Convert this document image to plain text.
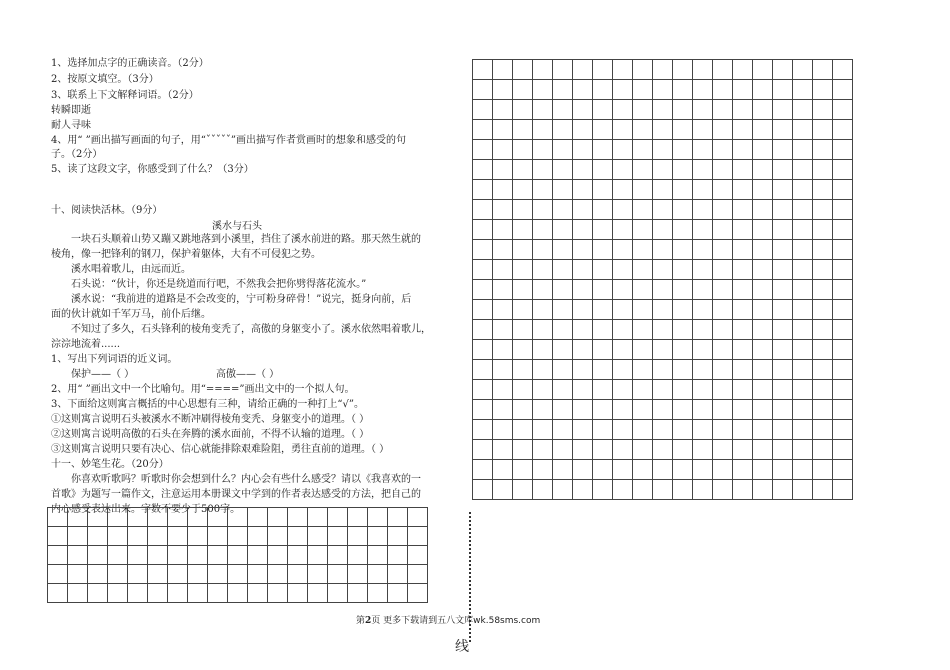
1、选择加点字的正确读音。（2分）
2、按原文填空。（3分）
3、联系上下文解释词语。（2分）
转瞬即逝
耐人寻味
4、用“ ”画出描写画面的句子，用“ˇˇˇˇˇ”画出描写作者赏画时的想象和感受的句
子。（2分）
5、读了这段文字，你感受到了什么？（3分）
十、阅读快活林。（9分）
溪水与石头
一块石头顺着山势又蹦又跳地落到小溪里，挡住了溪水前进的路。那天然生就的
棱角，像一把锋利的钢刀，保护着躯体，大有不可侵犯之势。
溪水唱着歌儿，由远而近。
石头说：“伙计，你还是绕道而行吧，不然我会把你劈得落花流水。”
溪水说：“我前进的道路是不会改变的，宁可粉身碎骨！”说完，挺身向前，后
面的伙计就如千军万马，前仆后继。
不知过了多久，石头锋利的棱角变秃了，高傲的身躯变小了。溪水依然唱着歌儿，
淙淙地流着......
1、写出下列词语的近义词。
保护——（ ）	高傲——（ ）
2、用“ ”画出文中一个比喻句。用“====”画出文中的一个拟人句。
3、下面给这则寓言概括的中心思想有三种，请给正确的一种打上“√”。
①这则寓言说明石头被溪水不断冲刷得棱角变秃、身躯变小的道理。（ ）
②这则寓言说明高傲的石头在奔腾的溪水面前，不得不认输的道理。（ ）
③这则寓言说明只要有决心、信心就能排除艰难险阻，勇往直前的道理。（ ）
十一、妙笔生花。（20分）
你喜欢听歌吗？听歌时你会想到什么？内心会有些什么感受？请以《我喜欢的一
首歌》为题写一篇作文，注意运用本册课文中学到的作者表达感受的方法，把自己的
内心感受表达出来。字数不要少于500字。

线
第2页 更多下载请到五八文库wk.58sms.com
